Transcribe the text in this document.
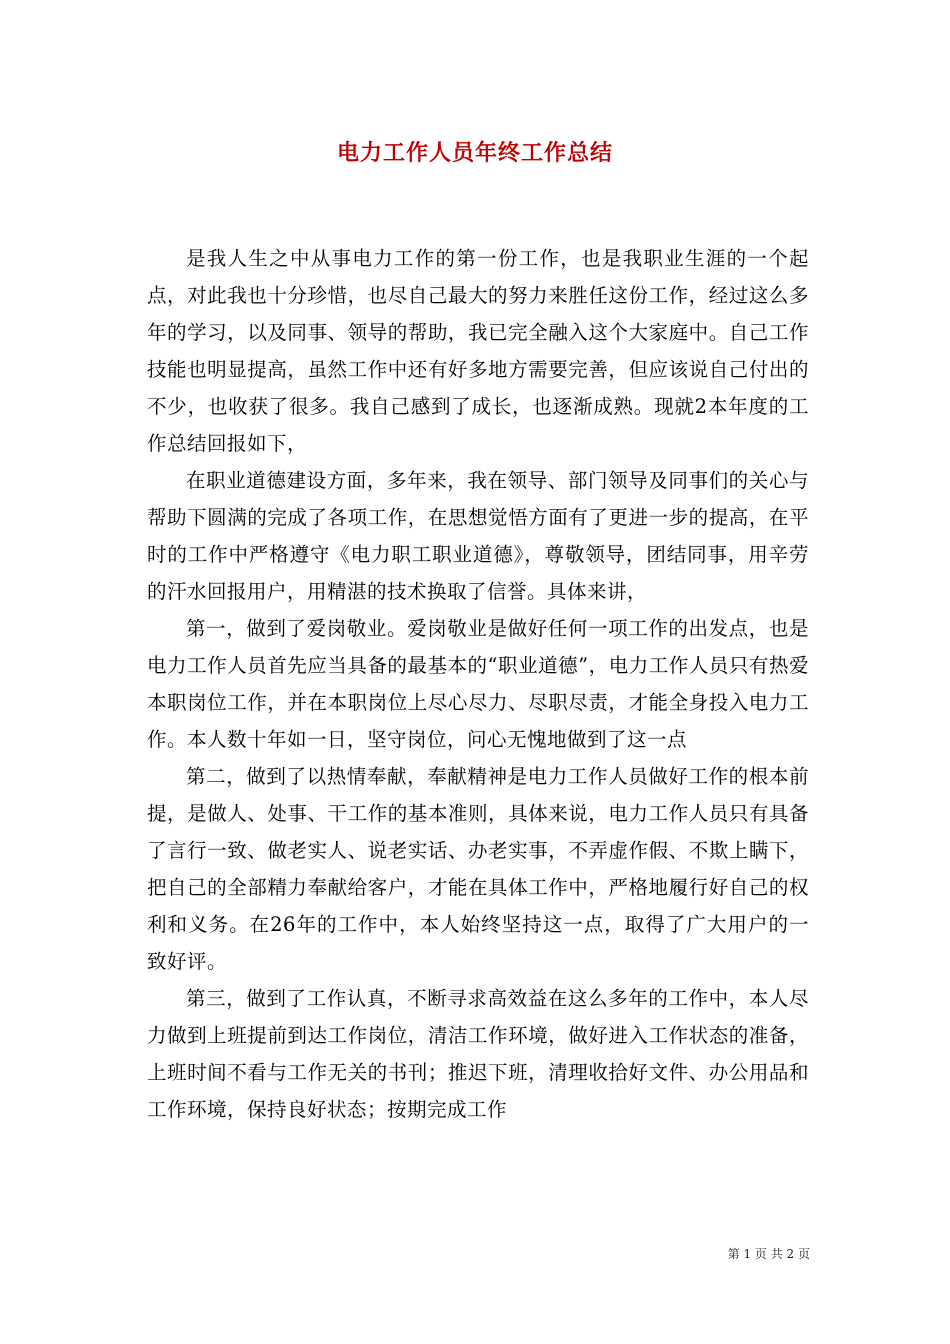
电力工作人员年终工作总结

是我人生之中从事电力工作的第一份工作，也是我职业生涯的一个起点，对此我也十分珍惜，也尽自己最大的努力来胜任这份工作，经过这么多年的学习，以及同事、领导的帮助，我已完全融入这个大家庭中。自己工作技能也明显提高，虽然工作中还有好多地方需要完善，但应该说自己付出的不少，也收获了很多。我自己感到了成长，也逐渐成熟。现就2本年度的工作总结回报如下，

在职业道德建设方面，多年来，我在领导、部门领导及同事们的关心与帮助下圆满的完成了各项工作，在思想觉悟方面有了更进一步的提高，在平时的工作中严格遵守《电力职工职业道德》，尊敬领导，团结同事，用辛劳的汗水回报用户，用精湛的技术换取了信誉。具体来讲，

第一，做到了爱岗敬业。爱岗敬业是做好任何一项工作的出发点，也是电力工作人员首先应当具备的最基本的“职业道德”，电力工作人员只有热爱本职岗位工作，并在本职岗位上尽心尽力、尽职尽责，才能全身投入电力工作。本人数十年如一日，坚守岗位，问心无愧地做到了这一点

第二，做到了以热情奉献，奉献精神是电力工作人员做好工作的根本前提，是做人、处事、干工作的基本准则，具体来说，电力工作人员只有具备了言行一致、做老实人、说老实话、办老实事，不弄虚作假、不欺上瞒下，把自己的全部精力奉献给客户，才能在具体工作中，严格地履行好自己的权利和义务。在26年的工作中，本人始终坚持这一点，取得了广大用户的一致好评。

第三，做到了工作认真，不断寻求高效益在这么多年的工作中，本人尽力做到上班提前到达工作岗位，清洁工作环境，做好进入工作状态的准备，上班时间不看与工作无关的书刊；推迟下班，清理收拾好文件、办公用品和工作环境，保持良好状态；按期完成工作

第 1 页 共 2 页
